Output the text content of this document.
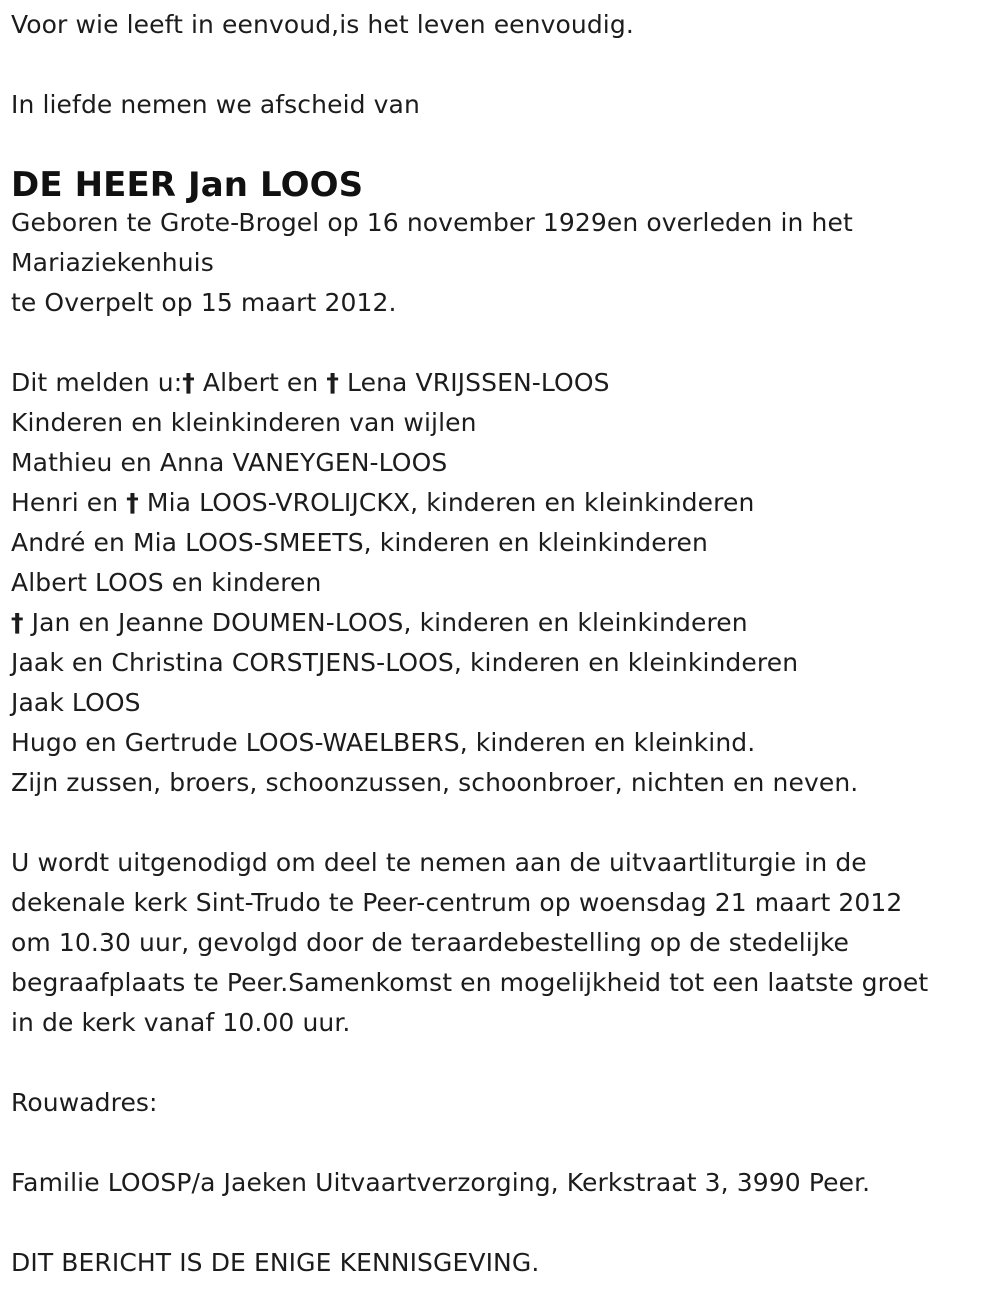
Voor wie leeft in eenvoud,is het leven eenvoudig.
In liefde nemen we afscheid van
DE HEER Jan LOOS
Geboren te Grote-Brogel op 16 november 1929en overleden in het
Mariaziekenhuis
te Overpelt op 15 maart 2012.
Dit melden u:† Albert en † Lena VRIJSSEN-LOOS
Kinderen en kleinkinderen van wijlen
Mathieu en Anna VANEYGEN-LOOS
Henri en † Mia LOOS-VROLIJCKX, kinderen en kleinkinderen
André en Mia LOOS-SMEETS, kinderen en kleinkinderen
Albert LOOS en kinderen
† Jan en Jeanne DOUMEN-LOOS, kinderen en kleinkinderen
Jaak en Christina CORSTJENS-LOOS, kinderen en kleinkinderen
Jaak LOOS
Hugo en Gertrude LOOS-WAELBERS, kinderen en kleinkind.
Zijn zussen, broers, schoonzussen, schoonbroer, nichten en neven.
U wordt uitgenodigd om deel te nemen aan de uitvaartliturgie in de
dekenale kerk Sint-Trudo te Peer-centrum op woensdag 21 maart 2012
om 10.30 uur, gevolgd door de teraardebestelling op de stedelijke
begraafplaats te Peer.Samenkomst en mogelijkheid tot een laatste groet
in de kerk vanaf 10.00 uur.
Rouwadres:
Familie LOOSP/a Jaeken Uitvaartverzorging, Kerkstraat 3, 3990 Peer.
DIT BERICHT IS DE ENIGE KENNISGEVING.
